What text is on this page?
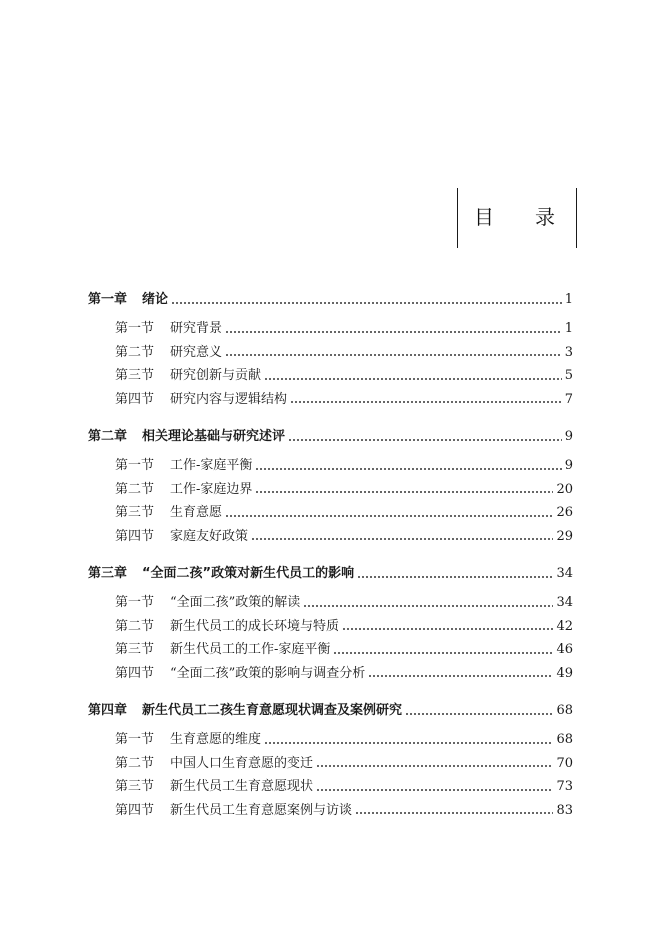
目 录
第一章	绪论	1
第一节	研究背景	1
第二节	研究意义	3
第三节	研究创新与贡献	5
第四节	研究内容与逻辑结构	7
第二章	相关理论基础与研究述评	9
第一节	工作-家庭平衡	9
第二节	工作-家庭边界	20
第三节	生育意愿	26
第四节	家庭友好政策	29
第三章	“全面二孩”政策对新生代员工的影响	34
第一节	“全面二孩”政策的解读	34
第二节	新生代员工的成长环境与特质	42
第三节	新生代员工的工作-家庭平衡	46
第四节	“全面二孩”政策的影响与调查分析	49
第四章	新生代员工二孩生育意愿现状调查及案例研究	68
第一节	生育意愿的维度	68
第二节	中国人口生育意愿的变迁	70
第三节	新生代员工生育意愿现状	73
第四节	新生代员工生育意愿案例与访谈	83
